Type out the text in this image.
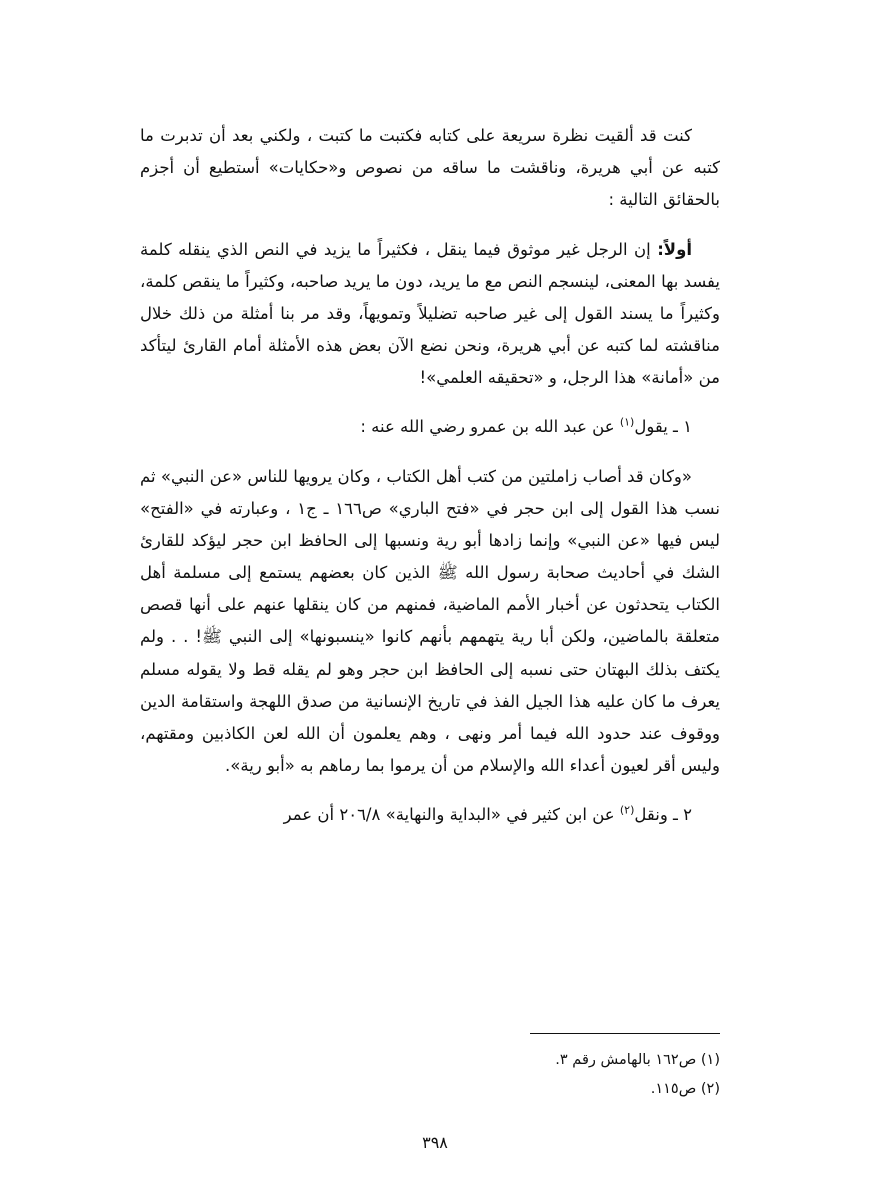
كنت قد ألقيت نظرة سريعة على كتابه فكتبت ما كتبت ، ولكني بعد أن تدبرت ما كتبه عن أبي هريرة، وناقشت ما ساقه من نصوص و«حكايات» أستطيع أن أجزم بالحقائق التالية :

أولاً: إن الرجل غير موثوق فيما ينقل ، فكثيراً ما يزيد في النص الذي ينقله كلمة يفسد بها المعنى، لينسجم النص مع ما يريد، دون ما يريد صاحبه، وكثيراً ما ينقص كلمة، وكثيراً ما يسند القول إلى غير صاحبه تضليلاً وتمويهاً، وقد مر بنا أمثلة من ذلك خلال مناقشته لما كتبه عن أبي هريرة، ونحن نضع الآن بعض هذه الأمثلة أمام القارئ ليتأكد من «أمانة» هذا الرجل، و «تحقيقه العلمي»!

١ ـ يقول$^{(١)}$ عن عبد الله بن عمرو رضي الله عنه :

«وكان قد أصاب زاملتين من كتب أهل الكتاب ، وكان يرويها للناس «عن النبي» ثم نسب هذا القول إلى ابن حجر في «فتح الباري» ص١٦٦ ـ ج١ ، وعبارته في «الفتح» ليس فيها «عن النبي» وإنما زادها أبو رية ونسبها إلى الحافظ ابن حجر ليؤكد للقارئ الشك في أحاديث صحابة رسول الله ﷺ الذين كان بعضهم يستمع إلى مسلمة أهل الكتاب يتحدثون عن أخبار الأمم الماضية، فمنهم من كان ينقلها عنهم على أنها قصص متعلقة بالماضين، ولكن أبا رية يتهمهم بأنهم كانوا «ينسبونها» إلى النبي ﷺ! . . ولم يكتف بذلك البهتان حتى نسبه إلى الحافظ ابن حجر وهو لم يقله قط ولا يقوله مسلم يعرف ما كان عليه هذا الجيل الفذ في تاريخ الإنسانية من صدق اللهجة واستقامة الدين ووقوف عند حدود الله فيما أمر ونهى ، وهم يعلمون أن الله لعن الكاذبين ومقتهم، وليس أقر لعيون أعداء الله والإسلام من أن يرموا بما رماهم به «أبو رية».

٢ ـ ونقل$^{(٢)}$ عن ابن كثير في «البداية والنهاية» ٢٠٦/٨ أن عمر

(١) ص١٦٢ بالهامش رقم ٣.
(٢) ص١١٥.
٣٩٨
